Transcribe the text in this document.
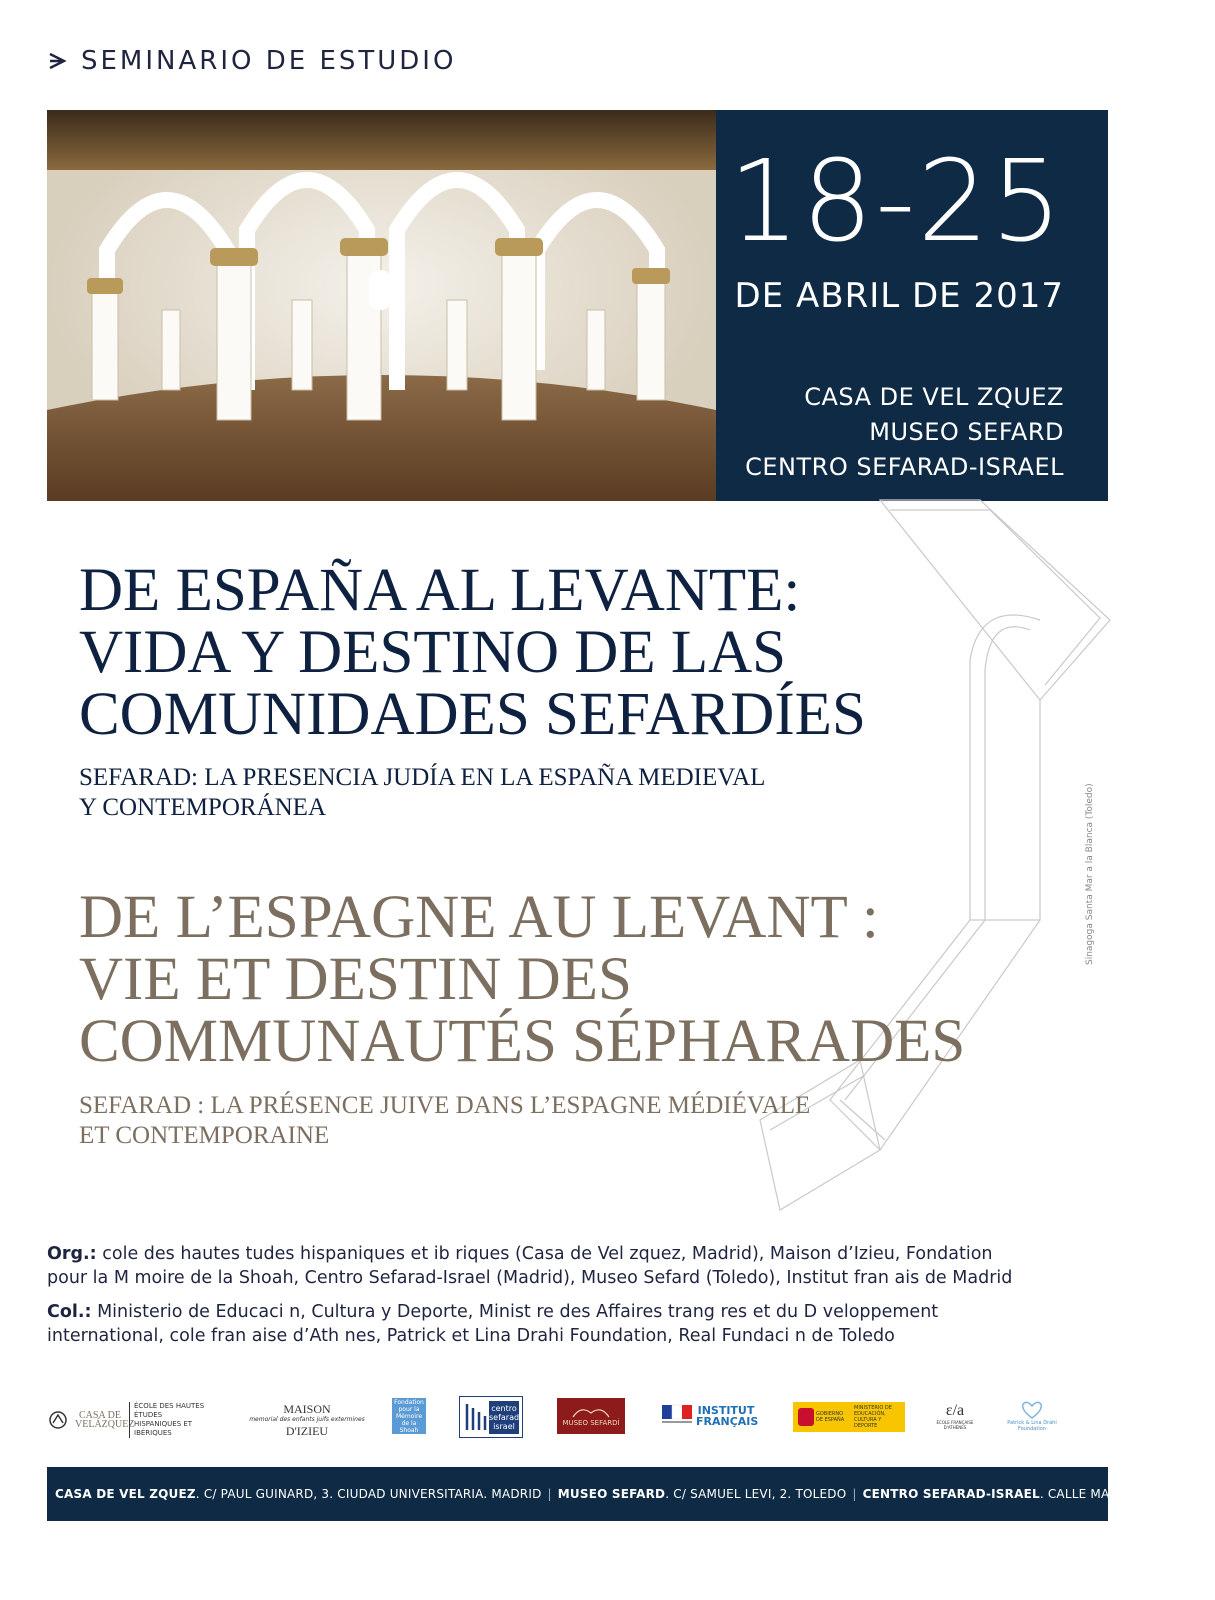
SEMINARIO DE ESTUDIO
18-25
DE ABRIL DE 2017
CASA DE VEL ZQUEZ
MUSEO SEFARD
CENTRO SEFARAD-ISRAEL
DE ESPAÑA AL LEVANTE:
VIDA Y DESTINO DE LAS
COMUNIDADES SEFARDÍES
SEFARAD: LA PRESENCIA JUDÍA EN LA ESPAÑA MEDIEVAL
Y CONTEMPORÁNEA
DE L’ESPAGNE AU LEVANT :
VIE ET DESTIN DES
COMMUNAUTÉS SÉPHARADES
SEFARAD : LA PRÉSENCE JUIVE DANS L’ESPAGNE MÉDIÉVALE
ET CONTEMPORAINE
Sinagoga Santa Mar a la Blanca (Toledo)
Org.: cole des hautes tudes hispaniques et ib riques (Casa de Vel zquez, Madrid), Maison d’Izieu, Fondation
pour la M moire de la Shoah, Centro Sefarad-Israel (Madrid), Museo Sefard (Toledo), Institut fran ais de Madrid
Col.: Ministerio de Educaci n, Cultura y Deporte, Minist re des Affaires trang res et du D veloppement
international, cole fran aise d’Ath nes, Patrick et Lina Drahi Foundation, Real Fundaci n de Toledo
CASA DE VELÁZQUEZ
ÉCOLE DES HAUTES ÉTUDES HISPANIQUES ET IBÉRIQUES
MAISON
memorial des enfants juifs extermines
D'IZIEU
Fondation pour la Mémoire de la Shoah
centro sefarad israel	MUSEO SEFARDÍ
INSTITUT FRANÇAIS
GOBIERNO DE ESPAÑA
MINISTERIO DE EDUCACIÓN, CULTURA Y DEPORTE
ε/a
ÉCOLE FRANÇAISE D'ATHÈNES
Patrick & Lina Drahi Foundation
CASA DE VEL ZQUEZ . C/ PAUL GUINARD, 3. CIUDAD UNIVERSITARIA. MADRID | MUSEO SEFARD . C/ SAMUEL LEVI, 2. TOLEDO | CENTRO SEFARAD-ISRAEL . CALLE MAYOR, 69. MADRID
